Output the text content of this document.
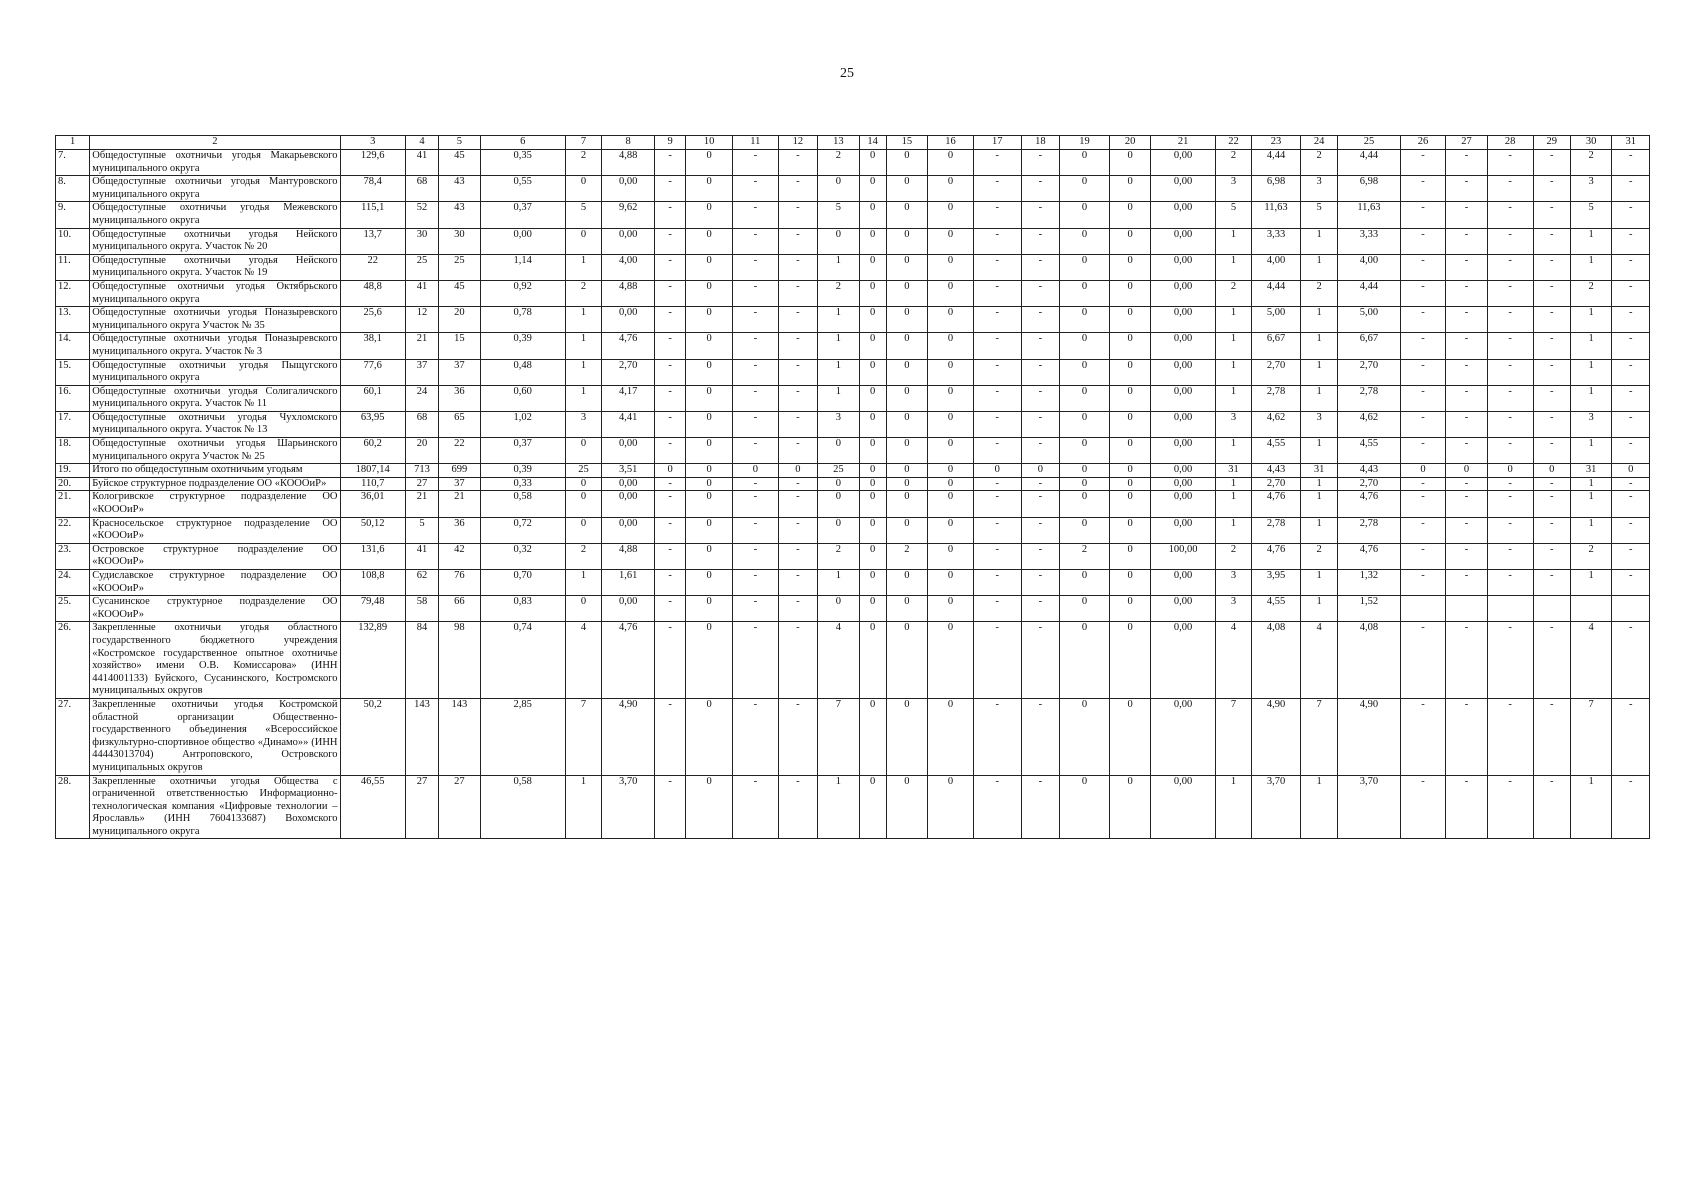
25
1	2	3	4	5	6	7	8	9	10	11	12	13	14	15	16	17	18	19	20	21	22	23	24	25	26	27	28	29	30	31
7.	Общедоступные охотничьи угодья Макарьевского муниципального округа	129,6	41	45	0,35	2	4,88	-	0	-	-	2	0	0	0	-	-	0	0	0,00	2	4,44	2	4,44	-	-	-	-	2	-
8.	Общедоступные охотничьи угодья Мантуровского муниципального округа	78,4	68	43	0,55	0	0,00	-	0	-	-	0	0	0	0	-	-	0	0	0,00	3	6,98	3	6,98	-	-	-	-	3	-
9.	Общедоступные охотничьи угодья Межевского муниципального округа	115,1	52	43	0,37	5	9,62	-	0	-	-	5	0	0	0	-	-	0	0	0,00	5	11,63	5	11,63	-	-	-	-	5	-
10.	Общедоступные охотничьи угодья Нейского муниципального округа. Участок № 20	13,7	30	30	0,00	0	0,00	-	0	-	-	0	0	0	0	-	-	0	0	0,00	1	3,33	1	3,33	-	-	-	-	1	-
11.	Общедоступные охотничьи угодья Нейского муниципального округа. Участок № 19	22	25	25	1,14	1	4,00	-	0	-	-	1	0	0	0	-	-	0	0	0,00	1	4,00	1	4,00	-	-	-	-	1	-
12.	Общедоступные охотничьи угодья Октябрьского муниципального округа	48,8	41	45	0,92	2	4,88	-	0	-	-	2	0	0	0	-	-	0	0	0,00	2	4,44	2	4,44	-	-	-	-	2	-
13.	Общедоступные охотничьи угодья Поназыревского муниципального округа Участок № 35	25,6	12	20	0,78	1	0,00	-	0	-	-	1	0	0	0	-	-	0	0	0,00	1	5,00	1	5,00	-	-	-	-	1	-
14.	Общедоступные охотничьи угодья Поназыревского муниципального округа. Участок № 3	38,1	21	15	0,39	1	4,76	-	0	-	-	1	0	0	0	-	-	0	0	0,00	1	6,67	1	6,67	-	-	-	-	1	-
15.	Общедоступные охотничьи угодья Пыщугского муниципального округа	77,6	37	37	0,48	1	2,70	-	0	-	-	1	0	0	0	-	-	0	0	0,00	1	2,70	1	2,70	-	-	-	-	1	-
16.	Общедоступные охотничьи угодья Солигаличского муниципального округа. Участок № 11	60,1	24	36	0,60	1	4,17	-	0	-	-	1	0	0	0	-	-	0	0	0,00	1	2,78	1	2,78	-	-	-	-	1	-
17.	Общедоступные охотничьи угодья Чухломского муниципального округа. Участок № 13	63,95	68	65	1,02	3	4,41	-	0	-	-	3	0	0	0	-	-	0	0	0,00	3	4,62	3	4,62	-	-	-	-	3	-
18.	Общедоступные охотничьи угодья Шарьинского муниципального округа Участок № 25	60,2	20	22	0,37	0	0,00	-	0	-	-	0	0	0	0	-	-	0	0	0,00	1	4,55	1	4,55	-	-	-	-	1	-
19.	Итого по общедоступным охотничьим угодьям	1807,14	713	699	0,39	25	3,51	0	0	0	0	25	0	0	0	0	0	0	0	0,00	31	4,43	31	4,43	0	0	0	0	31	0
20.	Буйское структурное подразделение ОО «КОООиР»	110,7	27	37	0,33	0	0,00	-	0	-	-	0	0	0	0	-	-	0	0	0,00	1	2,70	1	2,70	-	-	-	-	1	-
21.	Кологривское структурное подразделение ОО «КОООиР»	36,01	21	21	0,58	0	0,00	-	0	-	-	0	0	0	0	-	-	0	0	0,00	1	4,76	1	4,76	-	-	-	-	1	-
22.	Красносельское структурное подразделение ОО «КОООиР»	50,12	5	36	0,72	0	0,00	-	0	-	-	0	0	0	0	-	-	0	0	0,00	1	2,78	1	2,78	-	-	-	-	1	-
23.	Островское структурное подразделение ОО «КОООиР»	131,6	41	42	0,32	2	4,88	-	0	-	-	2	0	2	0	-	-	2	0	100,00	2	4,76	2	4,76	-	-	-	-	2	-
24.	Судиславское структурное подразделение ОО «КОООиР»	108,8	62	76	0,70	1	1,61	-	0	-	-	1	0	0	0	-	-	0	0	0,00	3	3,95	1	1,32	-	-	-	-	1	-
25.	Сусанинское структурное подразделение ОО «КОООиР»	79,48	58	66	0,83	0	0,00	-	0	-	-	0	0	0	0	-	-	0	0	0,00	3	4,55	1	1,52						
26.	Закрепленные охотничьи угодья областного государственного бюджетного учреждения «Костромское государственное опытное охотничье хозяйство» имени О.В. Комиссарова» (ИНН 4414001133) Буйского, Сусанинского, Костромского муниципальных округов	132,89	84	98	0,74	4	4,76	-	0	-	-	4	0	0	0	-	-	0	0	0,00	4	4,08	4	4,08	-	-	-	-	4	-
27.	Закрепленные охотничьи угодья Костромской областной организации Общественно-государственного объединения «Всероссийское физкультурно-спортивное общество «Динамо»» (ИНН 44443013704) Антроповского, Островского муниципальных округов	50,2	143	143	2,85	7	4,90	-	0	-	-	7	0	0	0	-	-	0	0	0,00	7	4,90	7	4,90	-	-	-	-	7	-
28.	Закрепленные охотничьи угодья Общества с ограниченной ответственностью Информационно-технологическая компания «Цифровые технологии – Ярославль» (ИНН 7604133687) Вохомского муниципального округа	46,55	27	27	0,58	1	3,70	-	0	-	-	1	0	0	0	-	-	0	0	0,00	1	3,70	1	3,70	-	-	-	-	1	-
